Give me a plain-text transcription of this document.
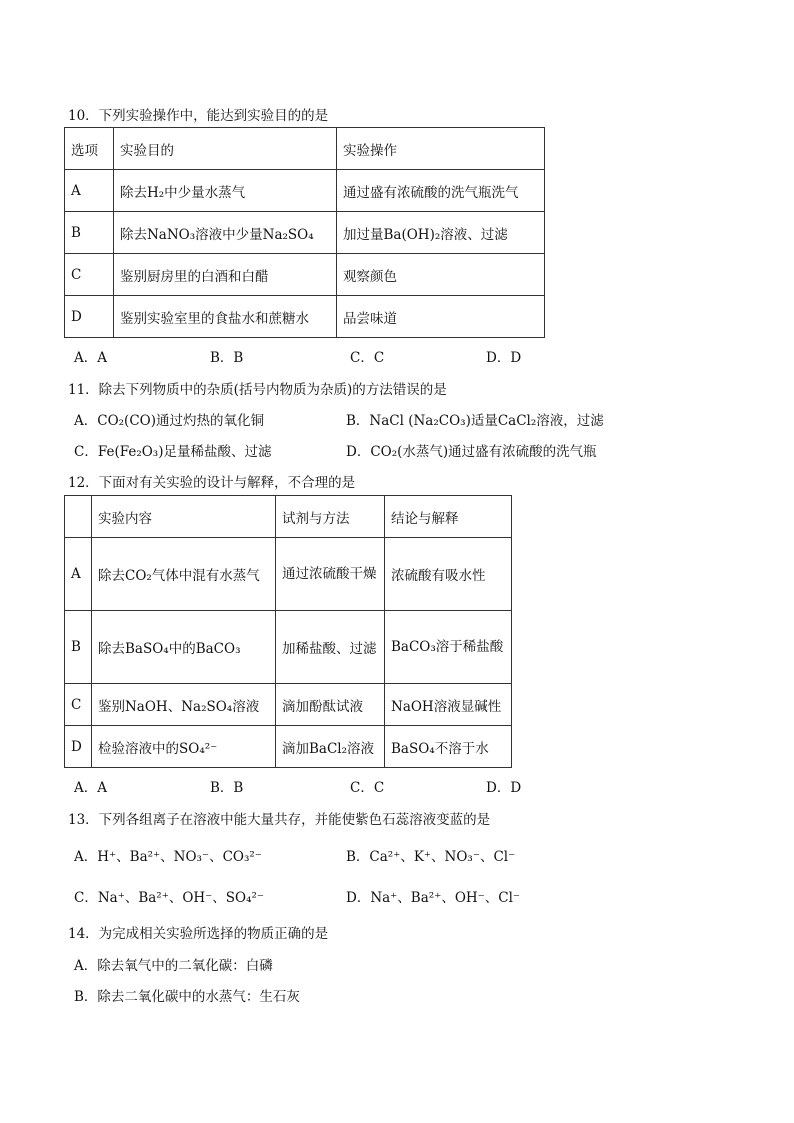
10．下列实验操作中，能达到实验目的的是
选项	实验目的	实验操作
A	除去H₂中少量水蒸气	通过盛有浓硫酸的洗气瓶洗气
B	除去NaNO₃溶液中少量Na₂SO₄	加过量Ba(OH)₂溶液、过滤
C	鉴别厨房里的白酒和白醋	观察颜色
D	鉴别实验室里的食盐水和蔗糖水	品尝味道
A．A	B．B	C．C	D．D
11．除去下列物质中的杂质(括号内物质为杂质)的方法错误的是
A．CO₂(CO)通过灼热的氧化铜	B．NaCl (Na₂CO₃)适量CaCl₂溶液，过滤
C．Fe(Fe₂O₃)足量稀盐酸、过滤	D．CO₂(水蒸气)通过盛有浓硫酸的洗气瓶
12．下面对有关实验的设计与解释，不合理的是
	实验内容	试剂与方法	结论与解释
A	除去CO₂气体中混有水蒸气	通过浓硫酸干燥	浓硫酸有吸水性
B	除去BaSO₄中的BaCO₃	加稀盐酸、过滤	BaCO₃溶于稀盐酸
C	鉴别NaOH、Na₂SO₄溶液	滴加酚酞试液	NaOH溶液显碱性
D	检验溶液中的SO₄²⁻	滴加BaCl₂溶液	BaSO₄不溶于水
A．A	B．B	C．C	D．D
13．下列各组离子在溶液中能大量共存，并能使紫色石蕊溶液变蓝的是
A．H⁺、Ba²⁺、NO₃⁻、CO₃²⁻	B．Ca²⁺、K⁺、NO₃⁻、Cl⁻
C．Na⁺、Ba²⁺、OH⁻、SO₄²⁻	D．Na⁺、Ba²⁺、OH⁻、Cl⁻
14．为完成相关实验所选择的物质正确的是
A．除去氧气中的二氧化碳：白磷
B．除去二氧化碳中的水蒸气：生石灰
